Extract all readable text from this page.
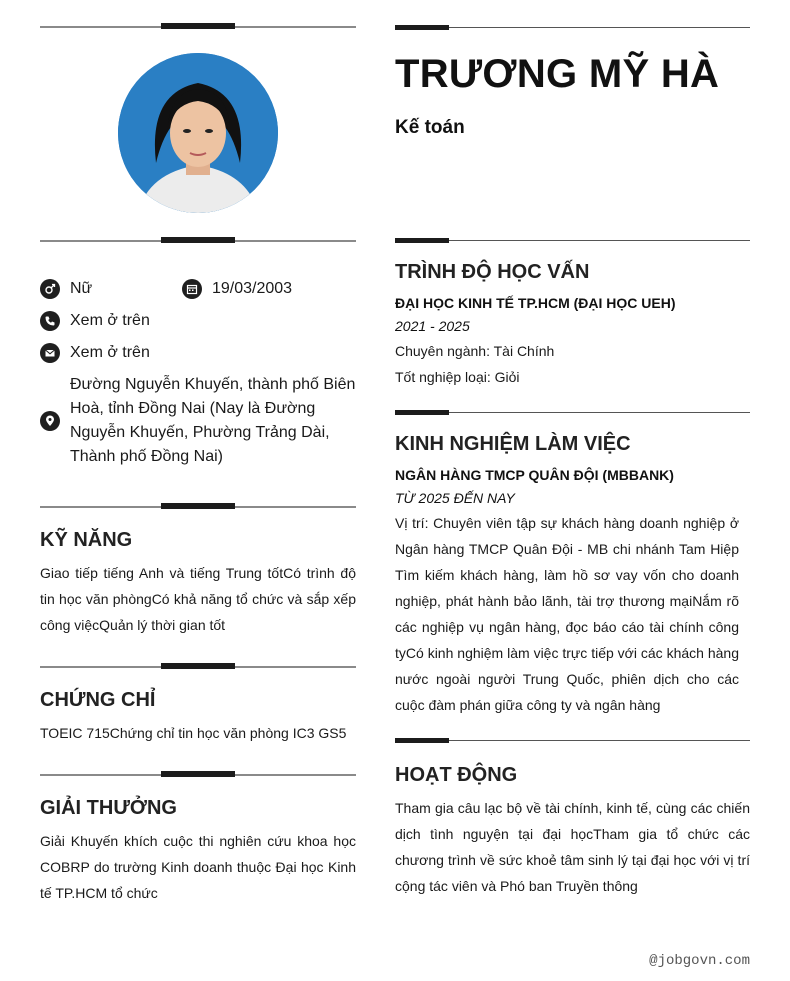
Nữ	19/03/2003
Xem ở trên
Xem ở trên
Đường Nguyễn Khuyến, thành phố Biên Hoà, tỉnh Đồng Nai (Nay là Đường Nguyễn Khuyến, Phường Trảng Dài, Thành phố Đồng Nai)
KỸ NĂNG
Giao tiếp tiếng Anh và tiếng Trung tốtCó trình độ tin học văn phòngCó khả năng tổ chức và sắp xếp công việcQuản lý thời gian tốt
CHỨNG CHỈ
TOEIC 715Chứng chỉ tin học văn phòng IC3 GS5
GIẢI THƯỞNG
Giải Khuyến khích cuộc thi nghiên cứu khoa học COBRP do trường Kinh doanh thuộc Đại học Kinh tế TP.HCM tổ chức
TRƯƠNG MỸ HÀ
Kế toán
TRÌNH ĐỘ HỌC VẤN
ĐẠI HỌC KINH TẾ TP.HCM (ĐẠI HỌC UEH)
2021 - 2025
Chuyên ngành: Tài Chính
Tốt nghiệp loại: Giỏi
KINH NGHIỆM LÀM VIỆC
NGÂN HÀNG TMCP QUÂN ĐỘI (MBBANK)
TỪ 2025 ĐẾN NAY
Vị trí: Chuyên viên tập sự khách hàng doanh nghiệp ở Ngân hàng TMCP Quân Đội - MB chi nhánh Tam Hiệp Tìm kiếm khách hàng, làm hồ sơ vay vốn cho doanh nghiệp, phát hành bảo lãnh, tài trợ thương mạiNắm rõ các nghiệp vụ ngân hàng, đọc báo cáo tài chính công tyCó kinh nghiệm làm việc trực tiếp với các khách hàng nước ngoài người Trung Quốc, phiên dịch cho các cuộc đàm phán giữa công ty và ngân hàng
HOẠT ĐỘNG
Tham gia câu lạc bộ về tài chính, kinh tế, cùng các chiến dịch tình nguyện tại đại họcTham gia tổ chức các chương trình về sức khoẻ tâm sinh lý tại đại học với vị trí cộng tác viên và Phó ban Truyền thông
@jobgovn.com
